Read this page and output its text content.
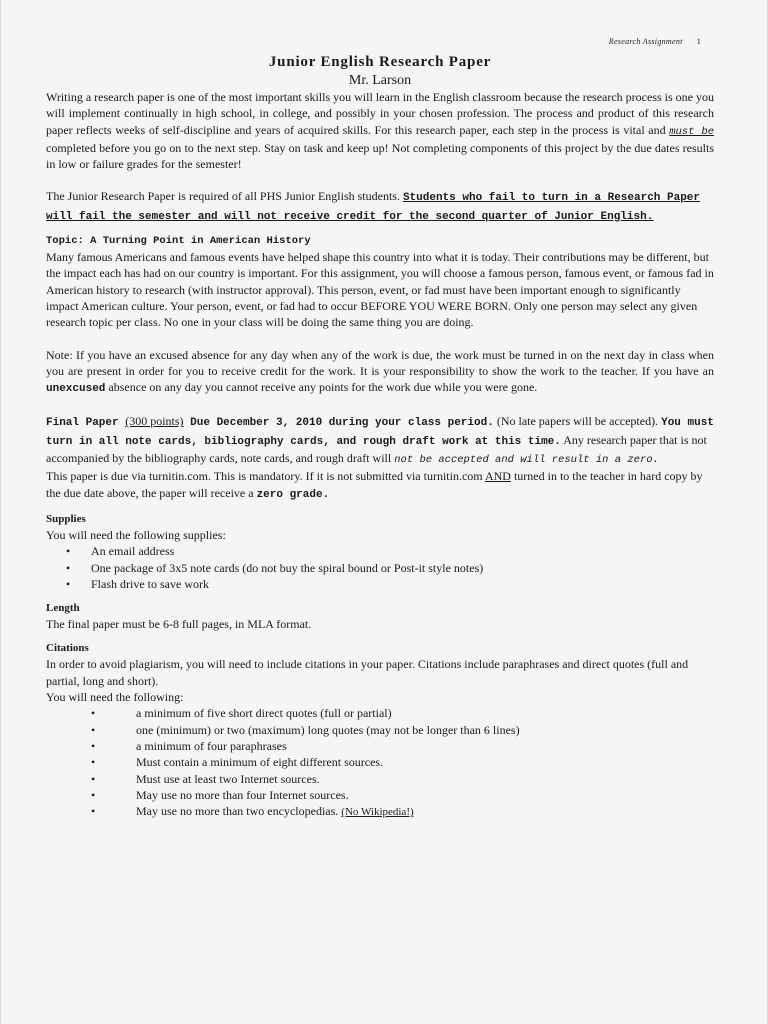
Research Assignment 1
Junior English Research Paper
Mr. Larson

Writing a research paper is one of the most important skills you will learn in the English classroom because the research process is one you will implement continually in high school, in college, and possibly in your chosen profession. The process and product of this research paper reflects weeks of self-discipline and years of acquired skills. For this research paper, each step in the process is vital and must be completed before you go on to the next step. Stay on task and keep up! Not completing components of this project by the due dates results in low or failure grades for the semester!

The Junior Research Paper is required of all PHS Junior English students. Students who fail to turn in a Research Paper will fail the semester and will not receive credit for the second quarter of Junior English.

Topic: A Turning Point in American History

Many famous Americans and famous events have helped shape this country into what it is today. Their contributions may be different, but the impact each has had on our country is important. For this assignment, you will choose a famous person, famous event, or famous fad in American history to research (with instructor approval). This person, event, or fad must have been important enough to significantly impact American culture. Your person, event, or fad had to occur BEFORE YOU WERE BORN. Only one person may select any given research topic per class. No one in your class will be doing the same thing you are doing.

Note: If you have an excused absence for any day when any of the work is due, the work must be turned in on the next day in class when you are present in order for you to receive credit for the work. It is your responsibility to show the work to the teacher. If you have an unexcused absence on any day you cannot receive any points for the work due while you were gone.

Final Paper (300 points) Due December 3, 2010 during your class period. (No late papers will be accepted). You must turn in all note cards, bibliography cards, and rough draft work at this time. Any research paper that is not accompanied by the bibliography cards, note cards, and rough draft will not be accepted and will result in a zero.

This paper is due via turnitin.com. This is mandatory. If it is not submitted via turnitin.com AND turned in to the teacher in hard copy by the due date above, the paper will receive a zero grade.

Supplies

You will need the following supplies:

• An email address
• One package of 3x5 note cards (do not buy the spiral bound or Post-it style notes)
• Flash drive to save work
Length

The final paper must be 6-8 full pages, in MLA format.

Citations

In order to avoid plagiarism, you will need to include citations in your paper. Citations include paraphrases and direct quotes (full and partial, long and short).

You will need the following:

•	a minimum of five short direct quotes (full or partial)
•	one (minimum) or two (maximum) long quotes (may not be longer than 6 lines)
•	a minimum of four paraphrases
•	Must contain a minimum of eight different sources.
•	Must use at least two Internet sources.
•	May use no more than four Internet sources.
•	May use no more than two encyclopedias. (No Wikipedia!)
